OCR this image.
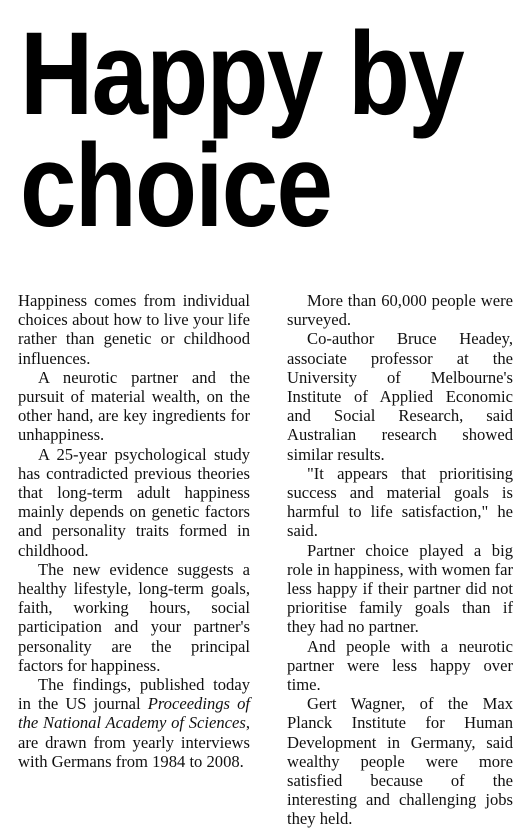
Happy by
choice

Happiness comes from individual choices about how to live your life rather than genetic or childhood influences.

A neurotic partner and the pursuit of material wealth, on the other hand, are key ingredients for unhappiness.

A 25-year psychological study has contradicted previous theories that long-term adult happiness mainly depends on genetic factors and personality traits formed in childhood.

The new evidence suggests a healthy lifestyle, long-term goals, faith, working hours, social participation and your partner's personality are the principal factors for happiness.

The findings, published today in the US journal Proceedings of the National Academy of Sciences, are drawn from yearly interviews with Germans from 1984 to 2008.

More than 60,000 people were surveyed.

Co-author Bruce Headey, associate professor at the University of Melbourne's Institute of Applied Economic and Social Research, said Australian research showed similar results.

"It appears that prioritising success and material goals is harmful to life satisfaction," he said.

Partner choice played a big role in happiness, with women far less happy if their partner did not prioritise family goals than if they had no partner.

And people with a neurotic partner were less happy over time.

Gert Wagner, of the Max Planck Institute for Human Development in Germany, said wealthy people were more satisfied because of the interesting and challenging jobs they held.
